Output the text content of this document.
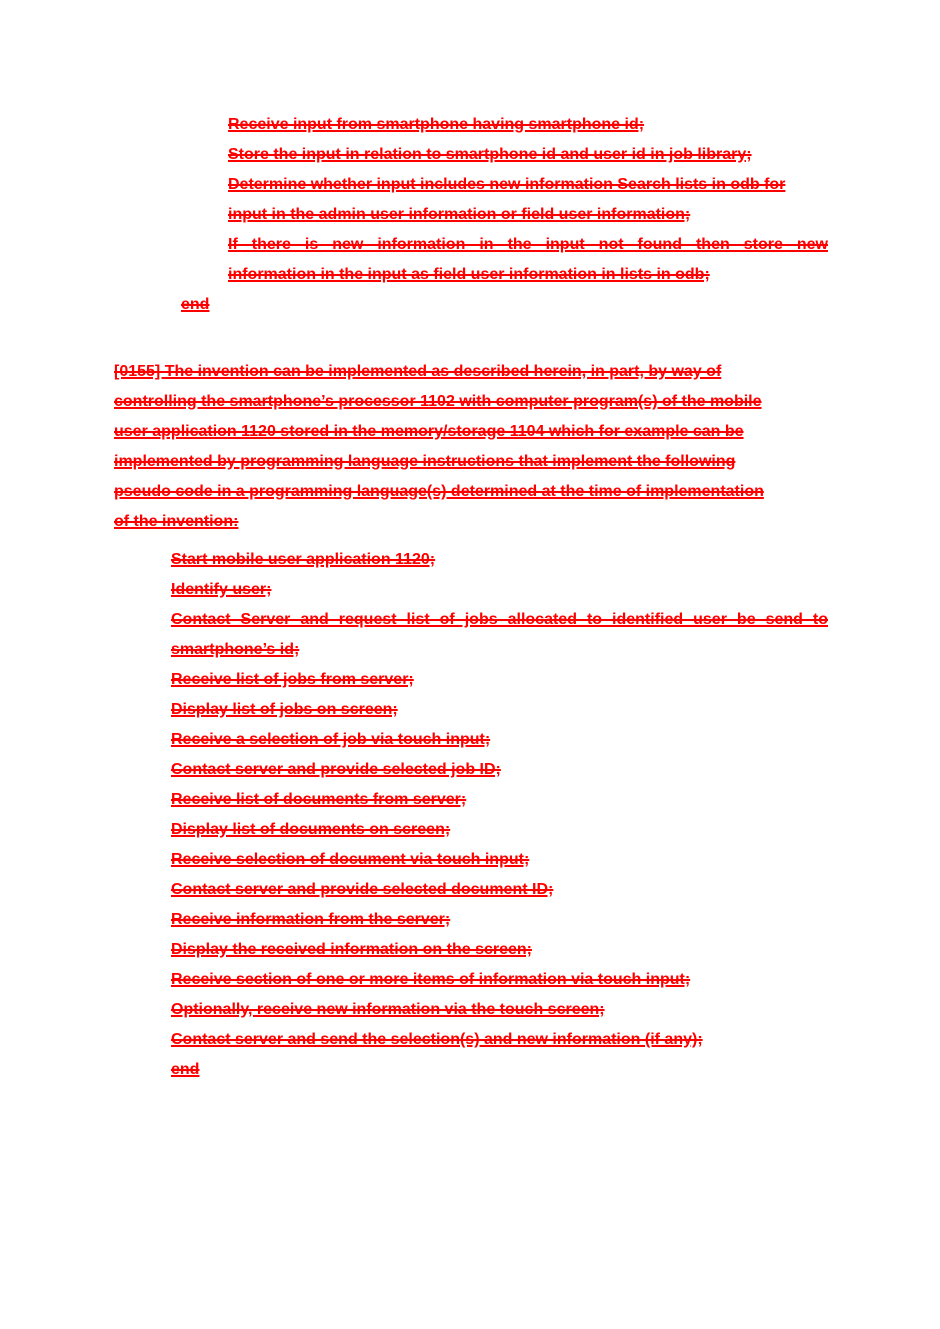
Receive input from smartphone having smartphone id;
Store the input in relation to smartphone id and user id in job library;
Determine whether input includes new information Search lists in odb for
input in the admin user information or field user information;
If there is new information in the input not found then store new
information in the input as field user information in lists in odb;
end
[0155] The invention can be implemented as described herein, in part, by way of
controlling the smartphone’s processor 1102 with computer program(s) of the mobile
user application 1120 stored in the memory/storage 1104 which for example can be
implemented by programming language instructions that implement the following
pseudo code in a programming language(s) determined at the time of implementation
of the invention:
Start mobile user application 1120;
Identify user;
Contact Server and request list of jobs allocated to identified user be send to
smartphone’s id;
Receive list of jobs from server;
Display list of jobs on screen;
Receive a selection of job via touch input;
Contact server and provide selected job ID;
Receive list of documents from server;
Display list of documents on screen;
Receive selection of document via touch input;
Contact server and provide selected document ID;
Receive information from the server;
Display the received information on the screen;
Receive section of one or more items of information via touch input;
Optionally, receive new information via the touch screen;
Contact server and send the selection(s) and new information (if any);
end
